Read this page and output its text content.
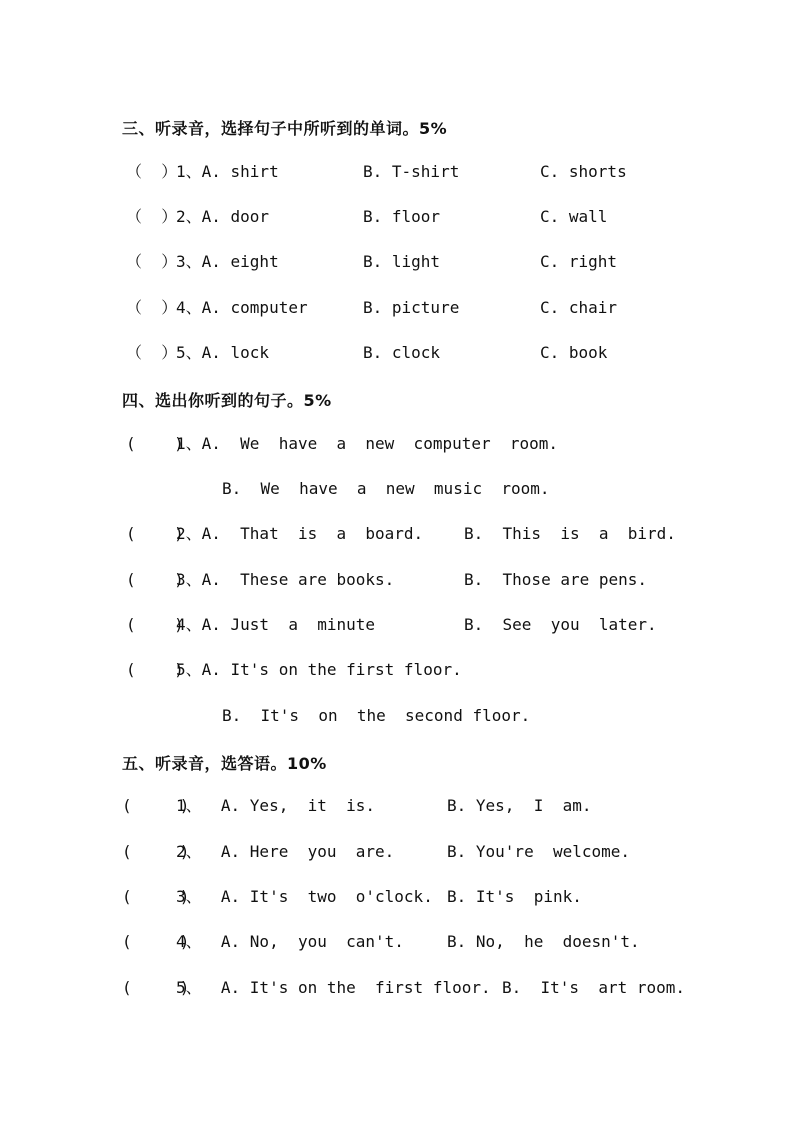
三、听录音，选择句子中所听到的单词。5%
（  ）
1、A. shirt	B. T-shirt	C. shorts
（  ）
2、A. door	B. floor	C. wall
（  ）
3、A. eight	B. light	C. right
（  ）
4、A. computer	B. picture	C. chair
（  ）
5、A. lock	B. clock	C. book
四、选出你听到的句子。5%
(    )
1、A.  We  have  a  new  computer  room.
B.  We  have  a  new  music  room.
(    )
2、A.  That  is  a  board.	B.  This  is  a  bird.
(    )
3、A.  These are books.	B.  Those are pens.
(    )
4、A. Just  a  minute	B.  See  you  later.
(    )
5、A. It's on the first floor.
B.  It's  on  the  second floor.
五、听录音，选答语。10%
(     )
1、  A. Yes,  it  is.	B. Yes,  I  am.
(     )
2、  A. Here  you  are.	B. You're  welcome.
(     )
3、  A. It's  two  o'clock. B. It's  pink.
(     )
4、  A. No,  you  can't.	B. No,  he  doesn't.
(     )
5、  A. It's on the  first floor. B.  It's  art room.
